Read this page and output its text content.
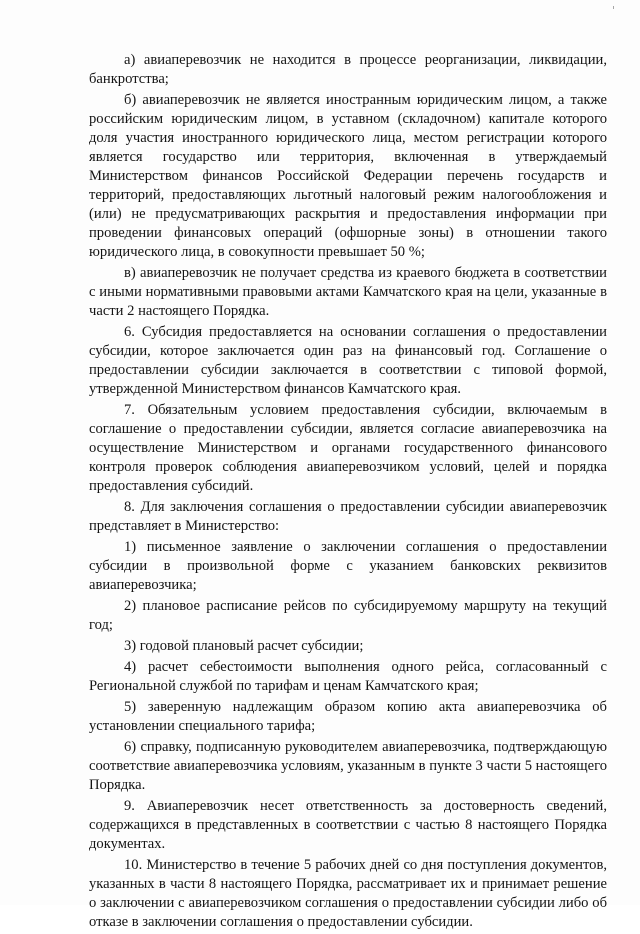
'

а) авиаперевозчик не находится в процессе реорганизации, ликвидации, банкротства;

б) авиаперевозчик не является иностранным юридическим лицом, а также российским юридическим лицом, в уставном (складочном) капитале которого доля участия иностранного юридического лица, местом регистрации которого является государство или территория, включенная в утверждаемый Министерством финансов Российской Федерации перечень государств и территорий, предоставляющих льготный налоговый режим налогообложения и (или) не предусматривающих раскрытия и предоставления информации при проведении финансовых операций (офшорные зоны) в отношении такого юридического лица, в совокупности превышает 50 %;

в) авиаперевозчик не получает средства из краевого бюджета в соответствии с иными нормативными правовыми актами Камчатского края на цели, указанные в части 2 настоящего Порядка.

6. Субсидия предоставляется на основании соглашения о предоставлении субсидии, которое заключается один раз на финансовый год. Соглашение о предоставлении субсидии заключается в соответствии с типовой формой, утвержденной Министерством финансов Камчатского края.

7. Обязательным условием предоставления субсидии, включаемым в соглашение о предоставлении субсидии, является согласие авиаперевозчика на осуществление Министерством и органами государственного финансового контроля проверок соблюдения авиаперевозчиком условий, целей и порядка предоставления субсидий.

8. Для заключения соглашения о предоставлении субсидии авиаперевозчик представляет в Министерство:

1) письменное заявление о заключении соглашения о предоставлении субсидии в произвольной форме с указанием банковских реквизитов авиаперевозчика;

2) плановое расписание рейсов по субсидируемому маршруту на текущий год;

3) годовой плановый расчет субсидии;

4) расчет себестоимости выполнения одного рейса, согласованный с Региональной службой по тарифам и ценам Камчатского края;

5) заверенную надлежащим образом копию акта авиаперевозчика об установлении специального тарифа;

6) справку, подписанную руководителем авиаперевозчика, подтверждающую соответствие авиаперевозчика условиям, указанным в пункте 3 части 5 настоящего Порядка.

9. Авиаперевозчик несет ответственность за достоверность сведений, содержащихся в представленных в соответствии с частью 8 настоящего Порядка документах.

10. Министерство в течение 5 рабочих дней со дня поступления документов, указанных в части 8 настоящего Порядка, рассматривает их и принимает решение о заключении с авиаперевозчиком соглашения о предоставлении субсидии либо об отказе в заключении соглашения о предоставлении субсидии.
